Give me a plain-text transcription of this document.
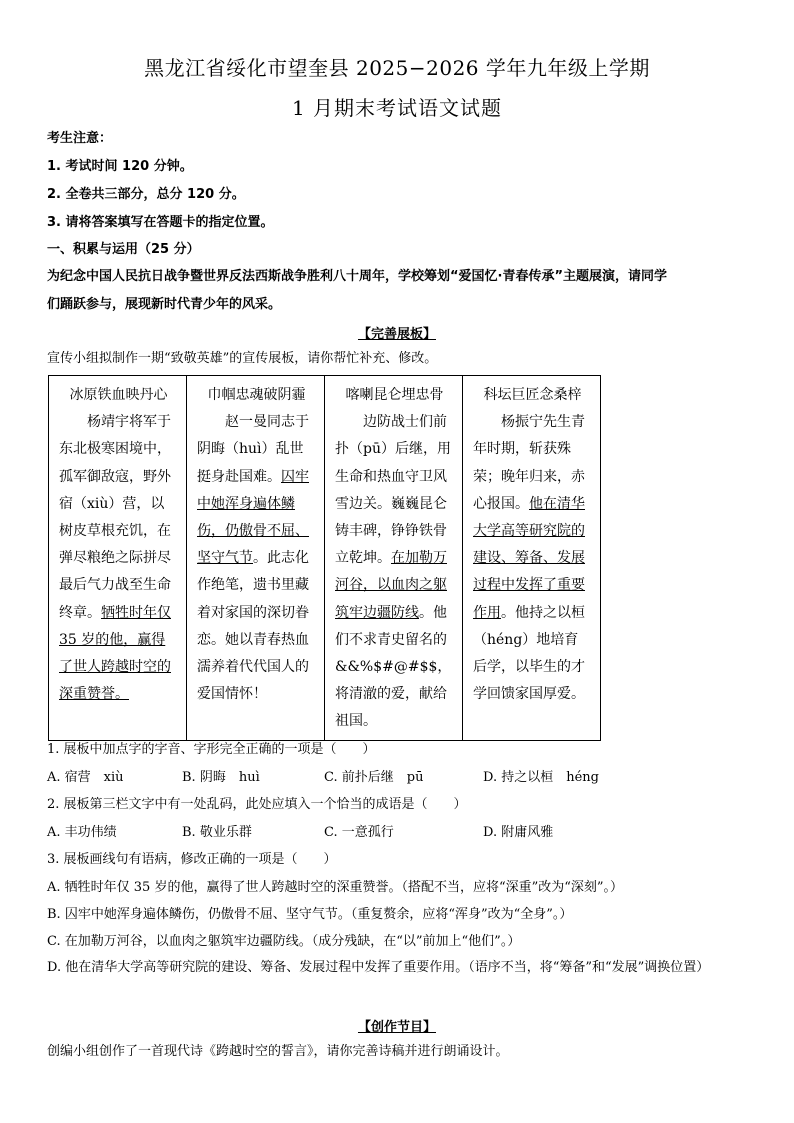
黑龙江省绥化市望奎县 2025−2026 学年九年级上学期
1 月期末考试语文试题
考生注意：
1. 考试时间 120 分钟。
2. 全卷共三部分，总分 120 分。
3. 请将答案填写在答题卡的指定位置。
一、积累与运用（25 分）
为纪念中国人民抗日战争暨世界反法西斯战争胜利八十周年，学校筹划“爱国忆·青春传承”主题展演，请同学
们踊跃参与，展现新时代青少年的风采。
【完善展板】
宣传小组拟制作一期“致敬英雄”的宣传展板，请你帮忙补充、修改。
冰原铁血映丹心
杨靖宇将军于东北极寒困境中，孤军御敌寇，野外宿（xiù）营，以树皮草根充饥，在弹尽粮绝之际拼尽最后气力战至生命终章。牺牲时年仅 35 岁的他，赢得了世人跨越时空的深重赞誉。

巾帼忠魂破阴霾
赵一曼同志于阴晦（huì）乱世挺身赴国难。囚牢中她浑身遍体鳞伤，仍傲骨不屈、坚守气节。此志化作绝笔，遗书里藏着对家国的深切眷恋。她以青春热血濡养着代代国人的爱国情怀！

喀喇昆仑埋忠骨
边防战士们前扑（pū）后继，用生命和热血守卫风雪边关。巍巍昆仑铸丰碑，铮铮铁骨立乾坤。在加勒万河谷，以血肉之躯筑牢边疆防线。他们不求青史留名的&&%$#@#$$，将清澈的爱，献给祖国。

科坛巨匠念桑梓
杨振宁先生青年时期，斩获殊荣；晚年归来，赤心报国。他在清华大学高等研究院的建设、筹备、发展过程中发挥了重要作用。他持之以桓（héng）地培育后学，以毕生的才学回馈家国厚爱。
1. 展板中加点字的字音、字形完全正确的一项是（　　）
A. 宿营　xiù	B. 阴晦　huì	C. 前扑后继　pū	D. 持之以桓　héng
2. 展板第三栏文字中有一处乱码，此处应填入一个恰当的成语是（　　）
A. 丰功伟绩	B. 敬业乐群	C. 一意孤行	D. 附庸风雅
3. 展板画线句有语病，修改正确的一项是（　　）
A. 牺牲时年仅 35 岁的他，赢得了世人跨越时空的深重赞誉。（搭配不当，应将“深重”改为“深刻”。）
B. 囚牢中她浑身遍体鳞伤，仍傲骨不屈、坚守气节。（重复赘余，应将“浑身”改为“全身”。）
C. 在加勒万河谷，以血肉之躯筑牢边疆防线。（成分残缺，在“以”前加上“他们”。）
D. 他在清华大学高等研究院的建设、筹备、发展过程中发挥了重要作用。（语序不当，将“筹备”和“发展”调换位置）
【创作节目】
创编小组创作了一首现代诗《跨越时空的誓言》，请你完善诗稿并进行朗诵设计。
